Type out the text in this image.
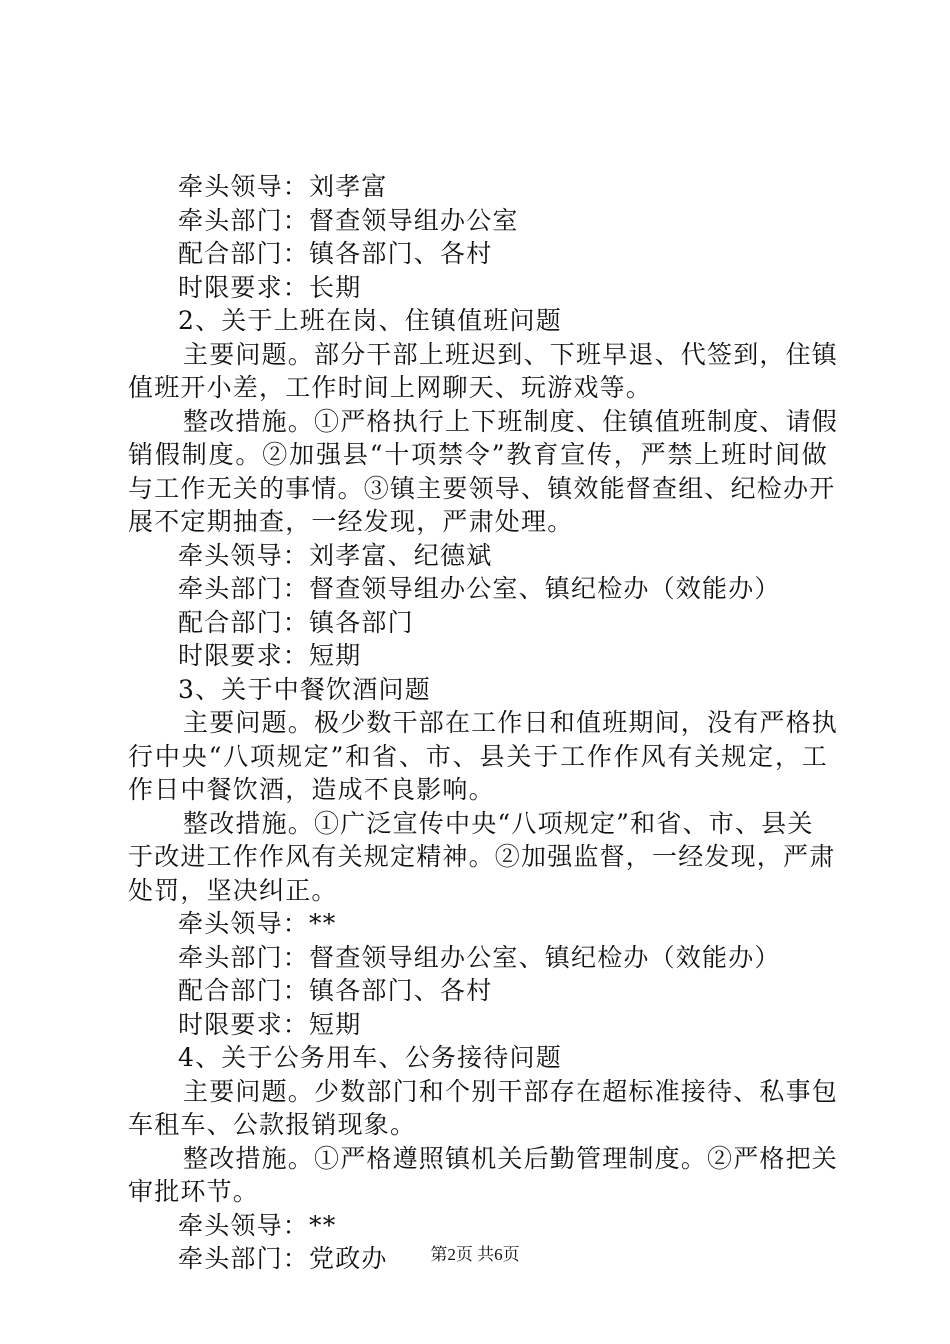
牵头领导：刘孝富
牵头部门：督查领导组办公室
配合部门：镇各部门、各村
时限要求：长期
2、关于上班在岗、住镇值班问题
主要问题。部分干部上班迟到、下班早退、代签到，住镇
值班开小差，工作时间上网聊天、玩游戏等。
整改措施。①严格执行上下班制度、住镇值班制度、请假
销假制度。②加强县“十项禁令”教育宣传，严禁上班时间做
与工作无关的事情。③镇主要领导、镇效能督查组、纪检办开
展不定期抽查，一经发现，严肃处理。
牵头领导：刘孝富、纪德斌
牵头部门：督查领导组办公室、镇纪检办（效能办）
配合部门：镇各部门
时限要求：短期
3、关于中餐饮酒问题
主要问题。极少数干部在工作日和值班期间，没有严格执
行中央“八项规定”和省、市、县关于工作作风有关规定，工
作日中餐饮酒，造成不良影响。
整改措施。①广泛宣传中央“八项规定”和省、市、县关
于改进工作作风有关规定精神。②加强监督，一经发现，严肃
处罚，坚决纠正。
牵头领导：**
牵头部门：督查领导组办公室、镇纪检办（效能办）
配合部门：镇各部门、各村
时限要求：短期
4、关于公务用车、公务接待问题
主要问题。少数部门和个别干部存在超标准接待、私事包
车租车、公款报销现象。
整改措施。①严格遵照镇机关后勤管理制度。②严格把关
审批环节。
牵头领导：**
牵头部门：党政办	第2页 共6页
